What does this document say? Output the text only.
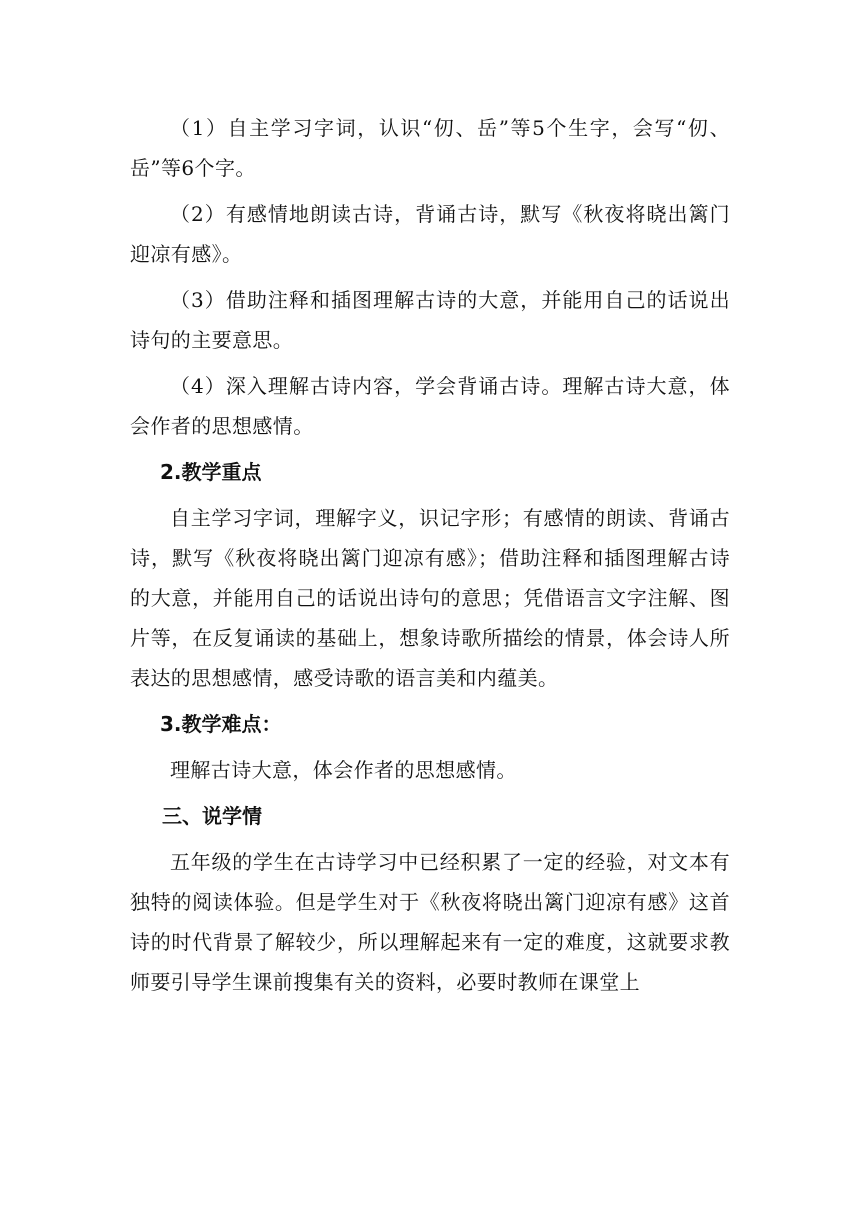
（1）自主学习字词，认识“仞、岳”等5个生字，会写“仞、岳”等6个字。

（2）有感情地朗读古诗，背诵古诗，默写《秋夜将晓出篱门迎凉有感》。

（3）借助注释和插图理解古诗的大意，并能用自己的话说出诗句的主要意思。

（4）深入理解古诗内容，学会背诵古诗。理解古诗大意，体会作者的思想感情。

2.教学重点

自主学习字词，理解字义，识记字形；有感情的朗读、背诵古诗，默写《秋夜将晓出篱门迎凉有感》；借助注释和插图理解古诗的大意，并能用自己的话说出诗句的意思；凭借语言文字注解、图片等，在反复诵读的基础上，想象诗歌所描绘的情景，体会诗人所表达的思想感情，感受诗歌的语言美和内蕴美。

3.教学难点：

理解古诗大意，体会作者的思想感情。

三、说学情

五年级的学生在古诗学习中已经积累了一定的经验，对文本有独特的阅读体验。但是学生对于《秋夜将晓出篱门迎凉有感》这首诗的时代背景了解较少，所以理解起来有一定的难度，这就要求教师要引导学生课前搜集有关的资料，必要时教师在课堂上
